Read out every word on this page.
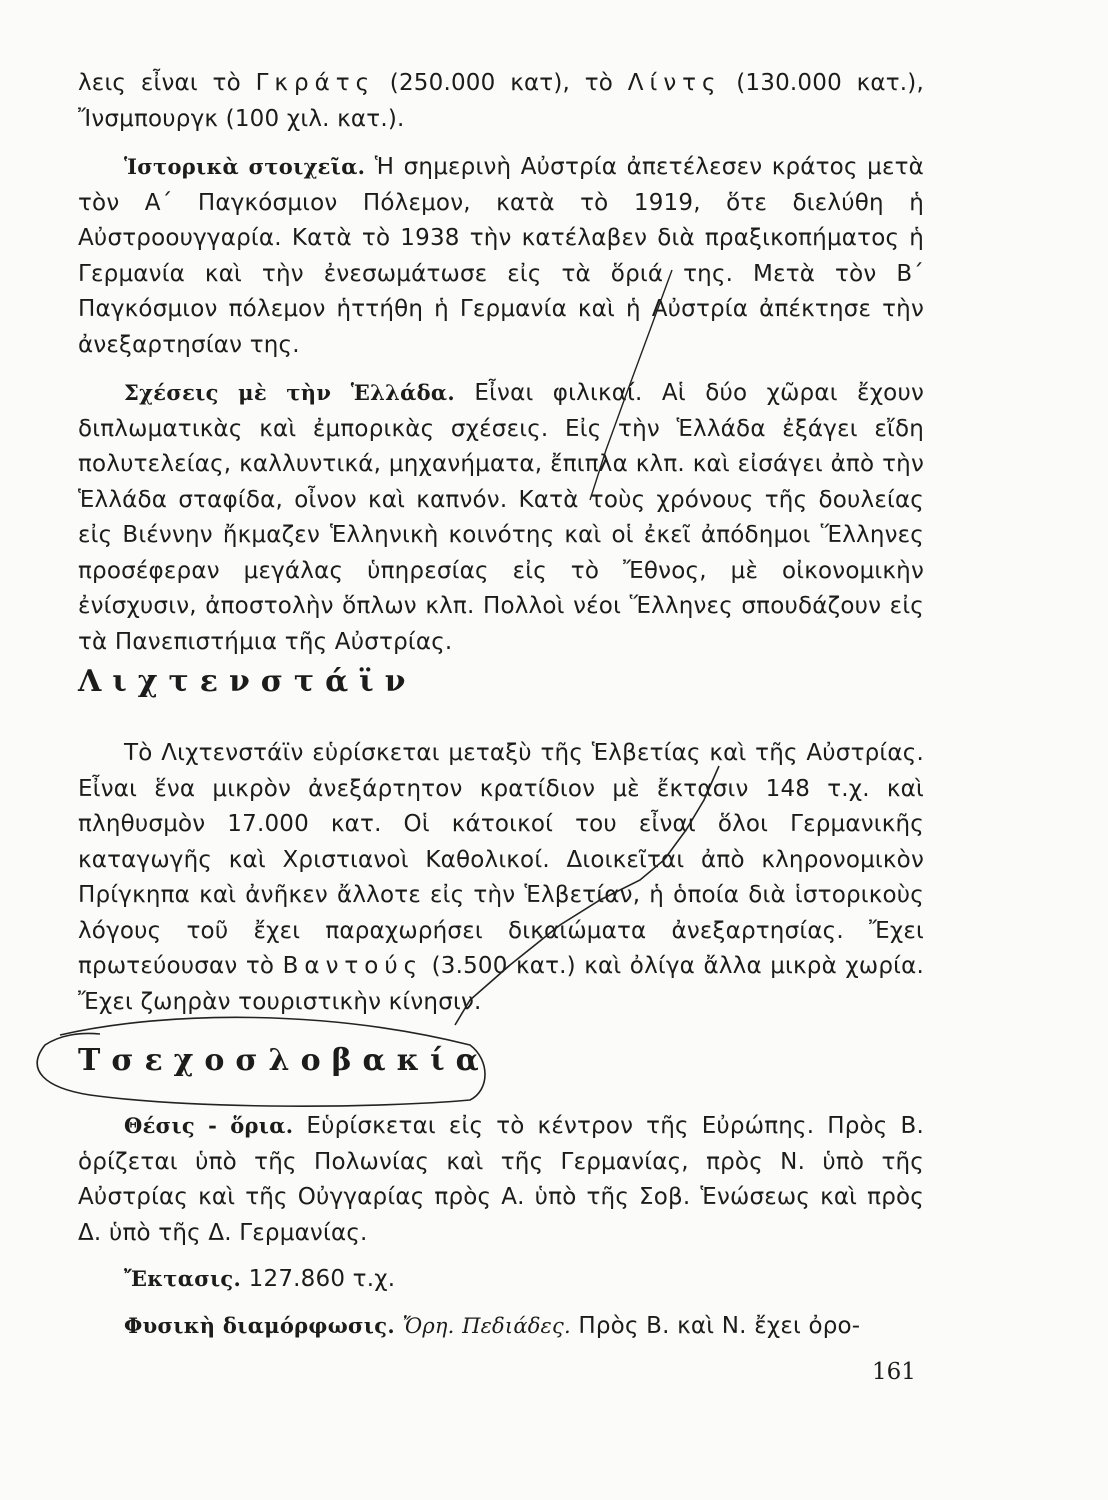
λεις εἶναι τὸ Γκράτς (250.000 κατ), τὸ Λίντς (130.000 κατ.), Ἴνσμπουργκ (100 χιλ. κατ.).

Ἱστορικὰ στοιχεῖα. Ἡ σημερινὴ Αὐστρία ἀπετέλεσεν κράτος μετὰ τὸν Α΄ Παγκόσμιον Πόλεμον, κατὰ τὸ 1919, ὅτε διελύθη ἡ Αὐστροουγγαρία. Κατὰ τὸ 1938 τὴν κατέλαβεν διὰ πραξικοπήματος ἡ Γερμανία καὶ τὴν ἐνεσωμάτωσε εἰς τὰ ὅριά της. Μετὰ τὸν Β΄ Παγκόσμιον πόλεμον ἡττήθη ἡ Γερμανία καὶ ἡ Αὐστρία ἀπέκτησε τὴν ἀνεξαρτησίαν της.

Σχέσεις μὲ τὴν Ἑλλάδα. Εἶναι φιλικαί. Αἱ δύο χῶραι ἔχουν διπλωματικὰς καὶ ἐμπορικὰς σχέσεις. Εἰς τὴν Ἑλλάδα ἐξάγει εἴδη πολυτελείας, καλλυντικά, μηχανήματα, ἔπιπλα κλπ. καὶ εἰσάγει ἀπὸ τὴν Ἑλλάδα σταφίδα, οἶνον καὶ καπνόν. Κατὰ τοὺς χρόνους τῆς δουλείας εἰς Βιέννην ἤκμαζεν Ἑλληνικὴ κοινότης καὶ οἱ ἐκεῖ ἀπόδημοι Ἕλληνες προσέφεραν μεγάλας ὑπηρεσίας εἰς τὸ Ἔθνος, μὲ οἰκονομικὴν ἐνίσχυσιν, ἀποστολὴν ὅπλων κλπ. Πολλοὶ νέοι Ἕλληνες σπουδάζουν εἰς τὰ Πανεπιστήμια τῆς Αὐστρίας.

Λιχτενστάϊν

Τὸ Λιχτενστάϊν εὑρίσκεται μεταξὺ τῆς Ἑλβετίας καὶ τῆς Αὐστρίας. Εἶναι ἕνα μικρὸν ἀνεξάρτητον κρατίδιον μὲ ἔκτασιν 148 τ.χ. καὶ πληθυσμὸν 17.000 κατ. Οἱ κάτοικοί του εἶναι ὅλοι Γερμανικῆς καταγωγῆς καὶ Χριστιανοὶ Καθολικοί. Διοικεῖται ἀπὸ κληρονομικὸν Πρίγκηπα καὶ ἀνῆκεν ἄλλοτε εἰς τὴν Ἑλβετίαν, ἡ ὁποία διὰ ἱστορικοὺς λόγους τοῦ ἔχει παραχωρήσει δικαιώματα ἀνεξαρτησίας. Ἔχει πρωτεύουσαν τὸ Βαντούς (3.500 κατ.) καὶ ὀλίγα ἄλλα μικρὰ χωρία. Ἔχει ζωηρὰν τουριστικὴν κίνησιν.

Τσεχοσλοβακία

Θέσις - ὅρια. Εὑρίσκεται εἰς τὸ κέντρον τῆς Εὐρώπης. Πρὸς Β. ὁρίζεται ὑπὸ τῆς Πολωνίας καὶ τῆς Γερμανίας, πρὸς Ν. ὑπὸ τῆς Αὐστρίας καὶ τῆς Οὐγγαρίας πρὸς Α. ὑπὸ τῆς Σοβ. Ἑνώσεως καὶ πρὸς Δ. ὑπὸ τῆς Δ. Γερμανίας.

Ἔκτασις. 127.860 τ.χ.

Φυσικὴ διαμόρφωσις. Ὄρη. Πεδιάδες. Πρὸς Β. καὶ Ν. ἔχει ὀρο-

161
